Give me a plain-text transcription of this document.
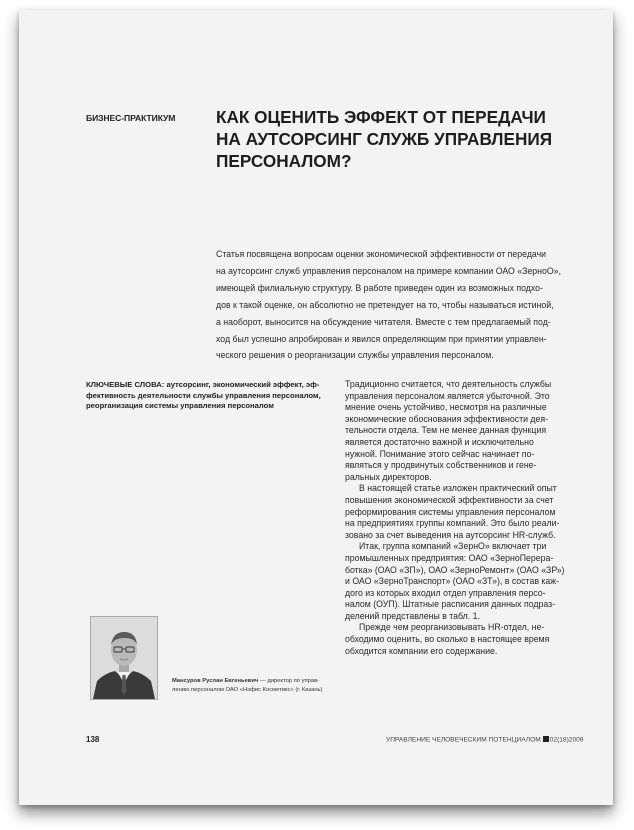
БИЗНЕС-ПРАКТИКУМ КАК ОЦЕНИТЬ ЭФФЕКТ ОТ ПЕРЕДАЧИ
НА АУТСОРСИНГ СЛУЖБ УПРАВЛЕНИЯ
ПЕРСОНАЛОМ?
Статья посвящена вопросам оценки экономической эффективности от передачи
на аутсорсинг служб управления персоналом на примере компании ОАО «ЗерноО»,
имеющей филиальную структуру. В работе приведен один из возможных подхо-
дов к такой оценке, он абсолютно не претендует на то, чтобы называться истиной,
а наоборот, выносится на обсуждение читателя. Вместе с тем предлагаемый под-
ход был успешно апробирован и явился определяющим при принятии управлен-
ческого решения о реорганизации службы управления персоналом.
КЛЮЧЕВЫЕ СЛОВА: аутсорсинг, экономический эффект, эф-
фективность деятельности службы управления персоналом,
реорганизация системы управления персоналом
Традиционно считается, что деятельность службы
управления персоналом является убыточной. Это
мнение очень устойчиво, несмотря на различные
экономические обоснования эффективности дея-
тельности отдела. Тем не менее данная функция
является достаточно важной и исключительно
нужной. Понимание этого сейчас начинает по-
являться у продвинутых собственников и гене-
ральных директоров.
В настоящей статье изложен практический опыт
повышения экономической эффективности за счет
реформирования системы управления персоналом
на предприятиях группы компаний. Это было реали-
зовано за счет выведения на аутсорсинг HR-служб.
Итак, группа компаний «ЗернО» включает три
промышленных предприятия: ОАО «ЗерноПерера-
ботка» (ОАО «ЗП»), ОАО «ЗерноРемонт» (ОАО «ЗР»)
и ОАО «ЗерноТранспорт» (ОАО «ЗТ»), в состав каж-
дого из которых входил отдел управления персо-
налом (ОУП). Штатные расписания данных подраз-
делений представлены в табл. 1.
Прежде чем реорганизовывать HR-отдел, не-
обходимо оценить, во сколько в настоящее время
обходится компании его содержание.
Мансуров Руслан Евгеньевич — директор по управ-
лению персоналом ОАО «Нэфис Косметикс» (г. Казань)
138	УПРАВЛЕНИЕ ЧЕЛОВЕЧЕСКИМ ПОТЕНЦИАЛОМ 02(18)2009
